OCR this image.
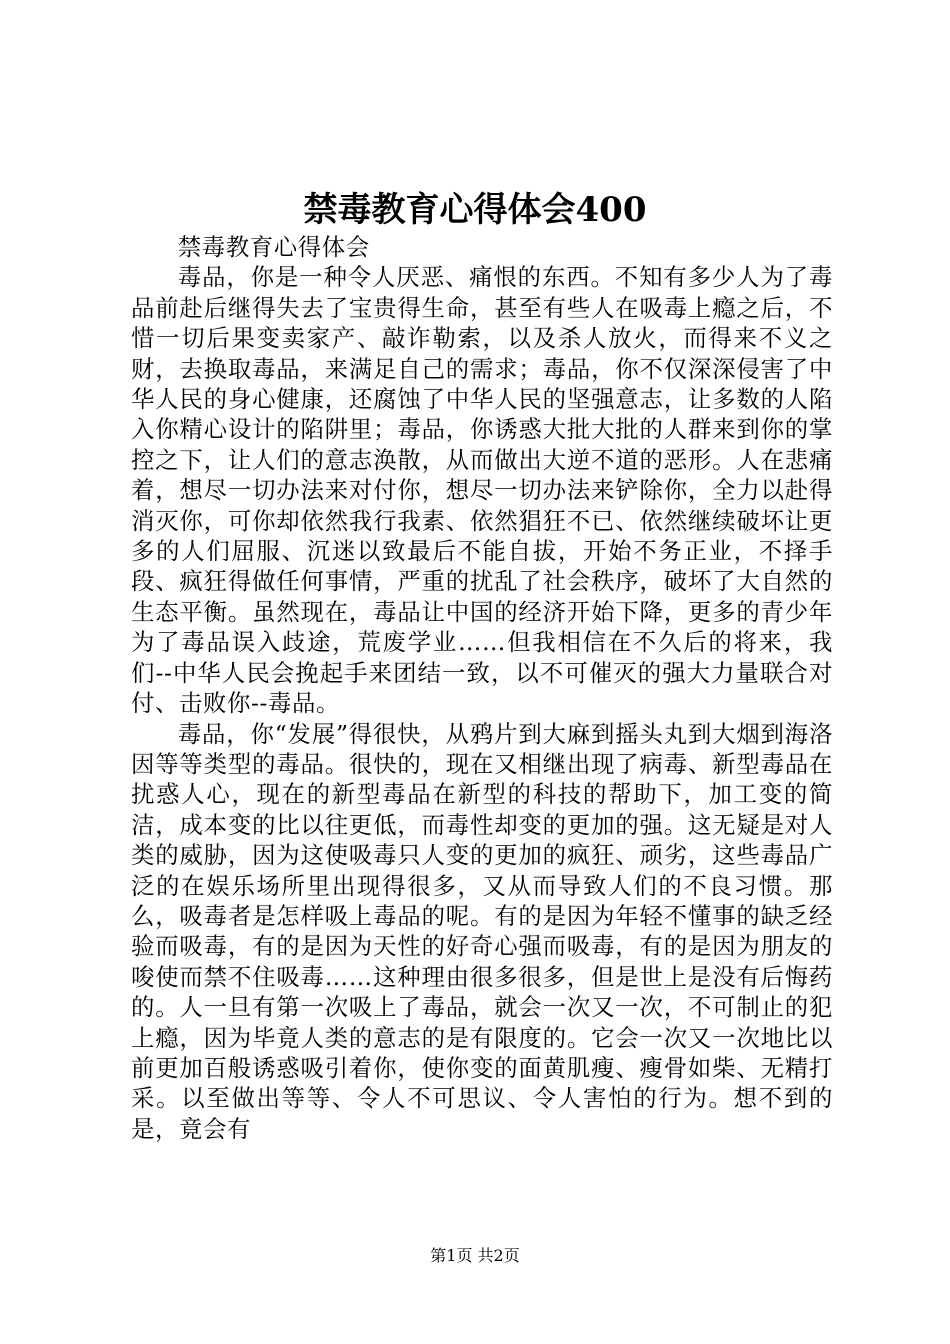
禁毒教育心得体会400

禁毒教育心得体会

毒品，你是一种令人厌恶、痛恨的东西。不知有多少人为了毒品前赴后继得失去了宝贵得生命，甚至有些人在吸毒上瘾之后，不惜一切后果变卖家产、敲诈勒索，以及杀人放火，而得来不义之财，去换取毒品，来满足自己的需求；毒品，你不仅深深侵害了中华人民的身心健康，还腐蚀了中华人民的坚强意志，让多数的人陷入你精心设计的陷阱里；毒品，你诱惑大批大批的人群来到你的掌控之下，让人们的意志涣散，从而做出大逆不道的恶形。人在悲痛着，想尽一切办法来对付你，想尽一切办法来铲除你，全力以赴得消灭你，可你却依然我行我素、依然猖狂不已、依然继续破坏让更多的人们屈服、沉迷以致最后不能自拔，开始不务正业，不择手段、疯狂得做任何事情，严重的扰乱了社会秩序，破坏了大自然的生态平衡。虽然现在，毒品让中国的经济开始下降，更多的青少年为了毒品误入歧途，荒废学业……但我相信在不久后的将来，我们--中华人民会挽起手来团结一致，以不可催灭的强大力量联合对付、击败你--毒品。

毒品，你“发展”得很快，从鸦片到大麻到摇头丸到大烟到海洛因等等类型的毒品。很快的，现在又相继出现了病毒、新型毒品在扰惑人心，现在的新型毒品在新型的科技的帮助下，加工变的简洁，成本变的比以往更低，而毒性却变的更加的强。这无疑是对人类的威胁，因为这使吸毒只人变的更加的疯狂、顽劣，这些毒品广泛的在娱乐场所里出现得很多，又从而导致人们的不良习惯。那么，吸毒者是怎样吸上毒品的呢。有的是因为年轻不懂事的缺乏经验而吸毒，有的是因为天性的好奇心强而吸毒，有的是因为朋友的唆使而禁不住吸毒……这种理由很多很多，但是世上是没有后悔药的。人一旦有第一次吸上了毒品，就会一次又一次，不可制止的犯上瘾，因为毕竟人类的意志的是有限度的。它会一次又一次地比以前更加百般诱惑吸引着你，使你变的面黄肌瘦、瘦骨如柴、无精打采。以至做出等等、令人不可思议、令人害怕的行为。想不到的是，竟会有

第1页 共2页
